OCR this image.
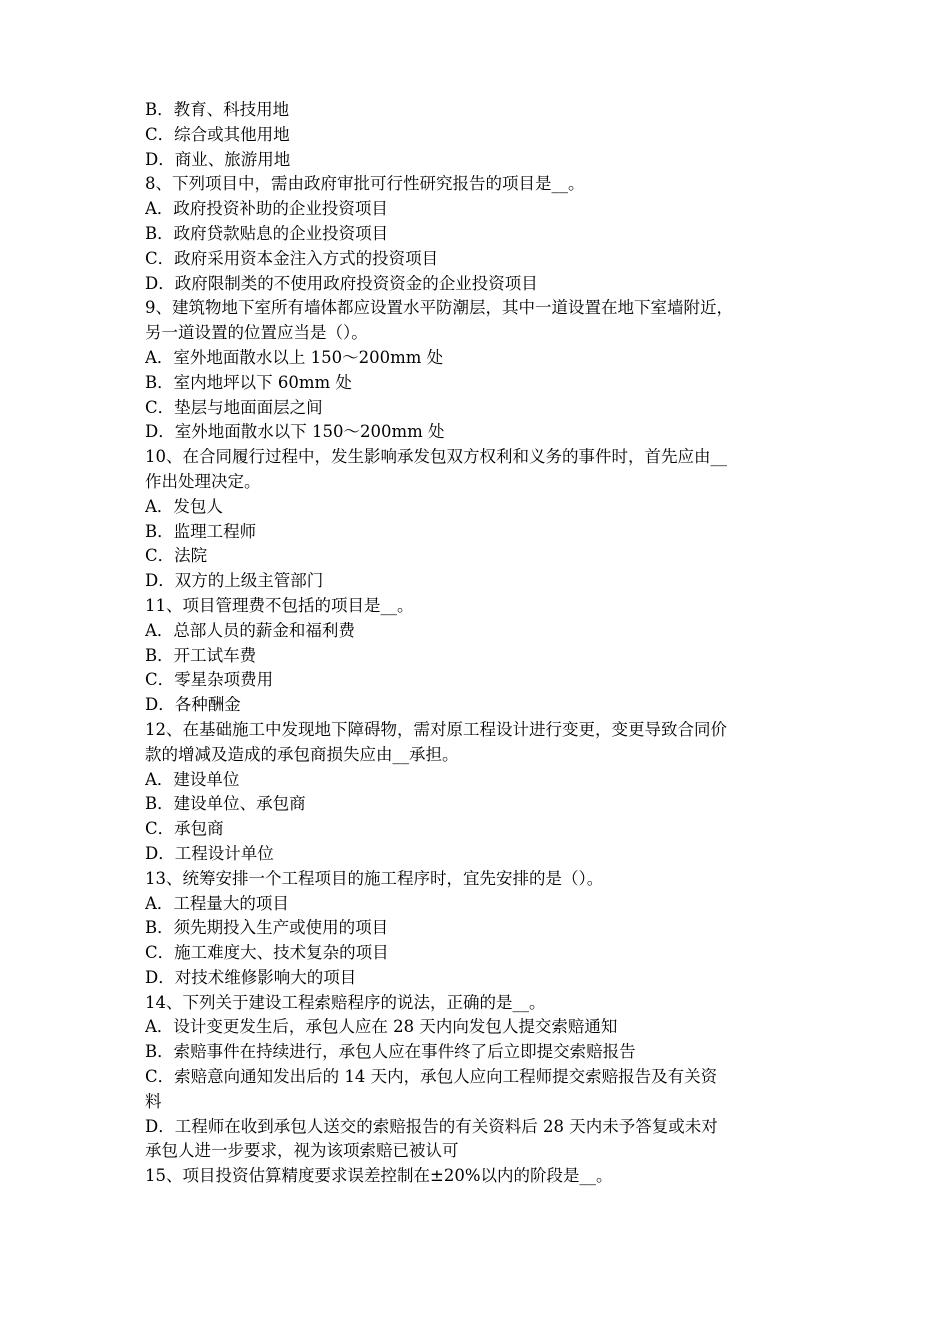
B．教育、科技用地
C．综合或其他用地
D．商业、旅游用地
8、下列项目中，需由政府审批可行性研究报告的项目是__。
A．政府投资补助的企业投资项目
B．政府贷款贴息的企业投资项目
C．政府采用资本金注入方式的投资项目
D．政府限制类的不使用政府投资资金的企业投资项目
9、建筑物地下室所有墙体都应设置水平防潮层，其中一道设置在地下室墙附近，
另一道设置的位置应当是（）。
A．室外地面散水以上 150～200mm 处
B．室内地坪以下 60mm 处
C．垫层与地面面层之间
D．室外地面散水以下 150～200mm 处
10、在合同履行过程中，发生影响承发包双方权利和义务的事件时，首先应由__
作出处理决定。
A．发包人
B．监理工程师
C．法院
D．双方的上级主管部门
11、项目管理费不包括的项目是__。
A．总部人员的薪金和福利费
B．开工试车费
C．零星杂项费用
D．各种酬金
12、在基础施工中发现地下障碍物，需对原工程设计进行变更，变更导致合同价
款的增减及造成的承包商损失应由__承担。
A．建设单位
B．建设单位、承包商
C．承包商
D．工程设计单位
13、统筹安排一个工程项目的施工程序时，宜先安排的是（）。
A．工程量大的项目
B．须先期投入生产或使用的项目
C．施工难度大、技术复杂的项目
D．对技术维修影响大的项目
14、下列关于建设工程索赔程序的说法，正确的是__。
A．设计变更发生后，承包人应在 28 天内向发包人提交索赔通知
B．索赔事件在持续进行，承包人应在事件终了后立即提交索赔报告
C．索赔意向通知发出后的 14 天内，承包人应向工程师提交索赔报告及有关资
料
D．工程师在收到承包人送交的索赔报告的有关资料后 28 天内未予答复或未对
承包人进一步要求，视为该项索赔已被认可
15、项目投资估算精度要求误差控制在±20%以内的阶段是__。
